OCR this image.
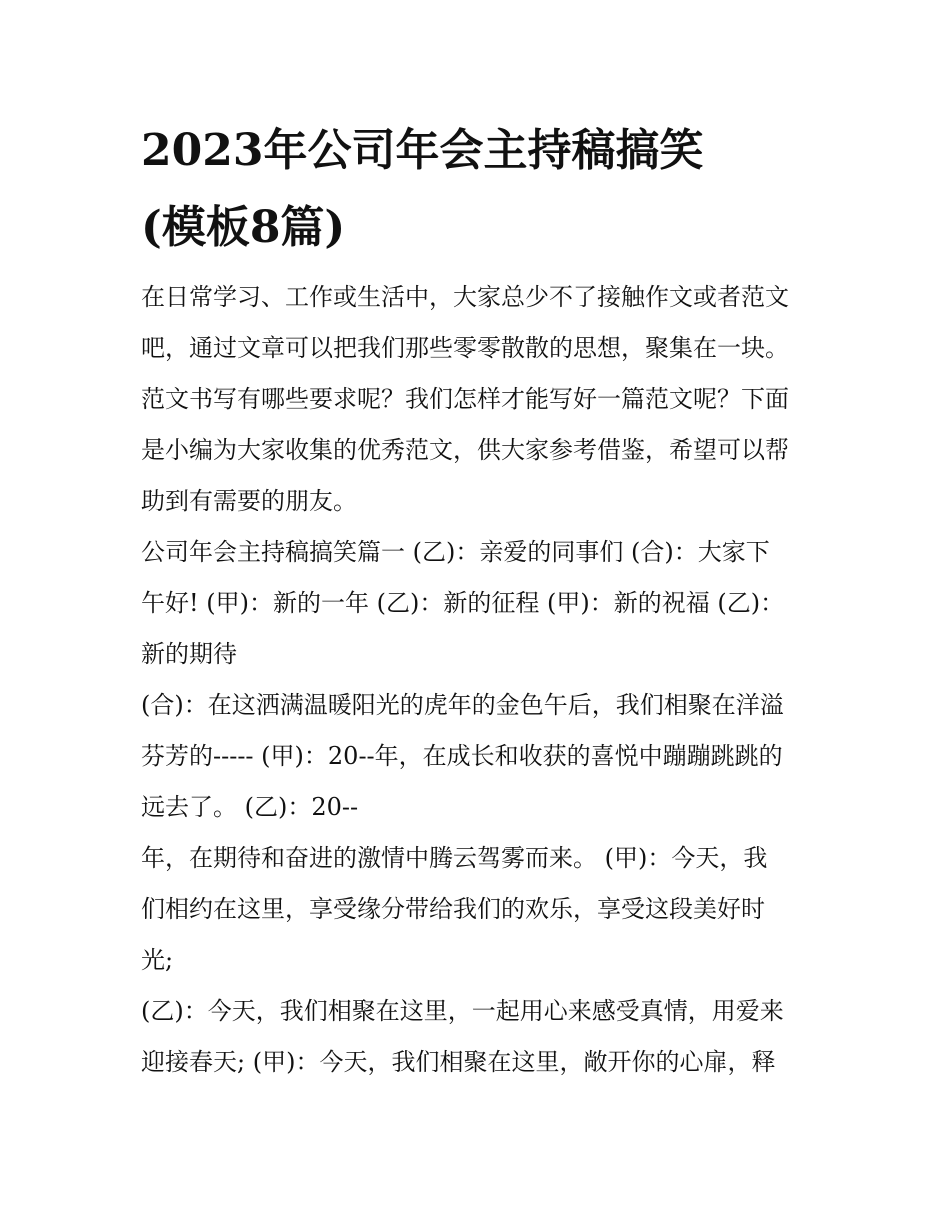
2023年公司年会主持稿搞笑
(模板8篇)

在日常学习、工作或生活中，大家总少不了接触作文或者范文
吧，通过文章可以把我们那些零零散散的思想，聚集在一块。
范文书写有哪些要求呢？我们怎样才能写好一篇范文呢？下面
是小编为大家收集的优秀范文，供大家参考借鉴，希望可以帮
助到有需要的朋友。

公司年会主持稿搞笑篇一 (乙)：亲爱的同事们 (合)：大家下
午好! (甲)：新的一年 (乙)：新的征程 (甲)：新的祝福 (乙)：
新的期待

(合)：在这洒满温暖阳光的虎年的金色午后，我们相聚在洋溢
芬芳的----- (甲)：20--年，在成长和收获的喜悦中蹦蹦跳跳的
远去了。 (乙)：20--

年，在期待和奋进的激情中腾云驾雾而来。 (甲)：今天，我
们相约在这里，享受缘分带给我们的欢乐，享受这段美好时
光;

(乙)：今天，我们相聚在这里，一起用心来感受真情，用爱来
迎接春天; (甲)：今天，我们相聚在这里，敞开你的心扉，释
